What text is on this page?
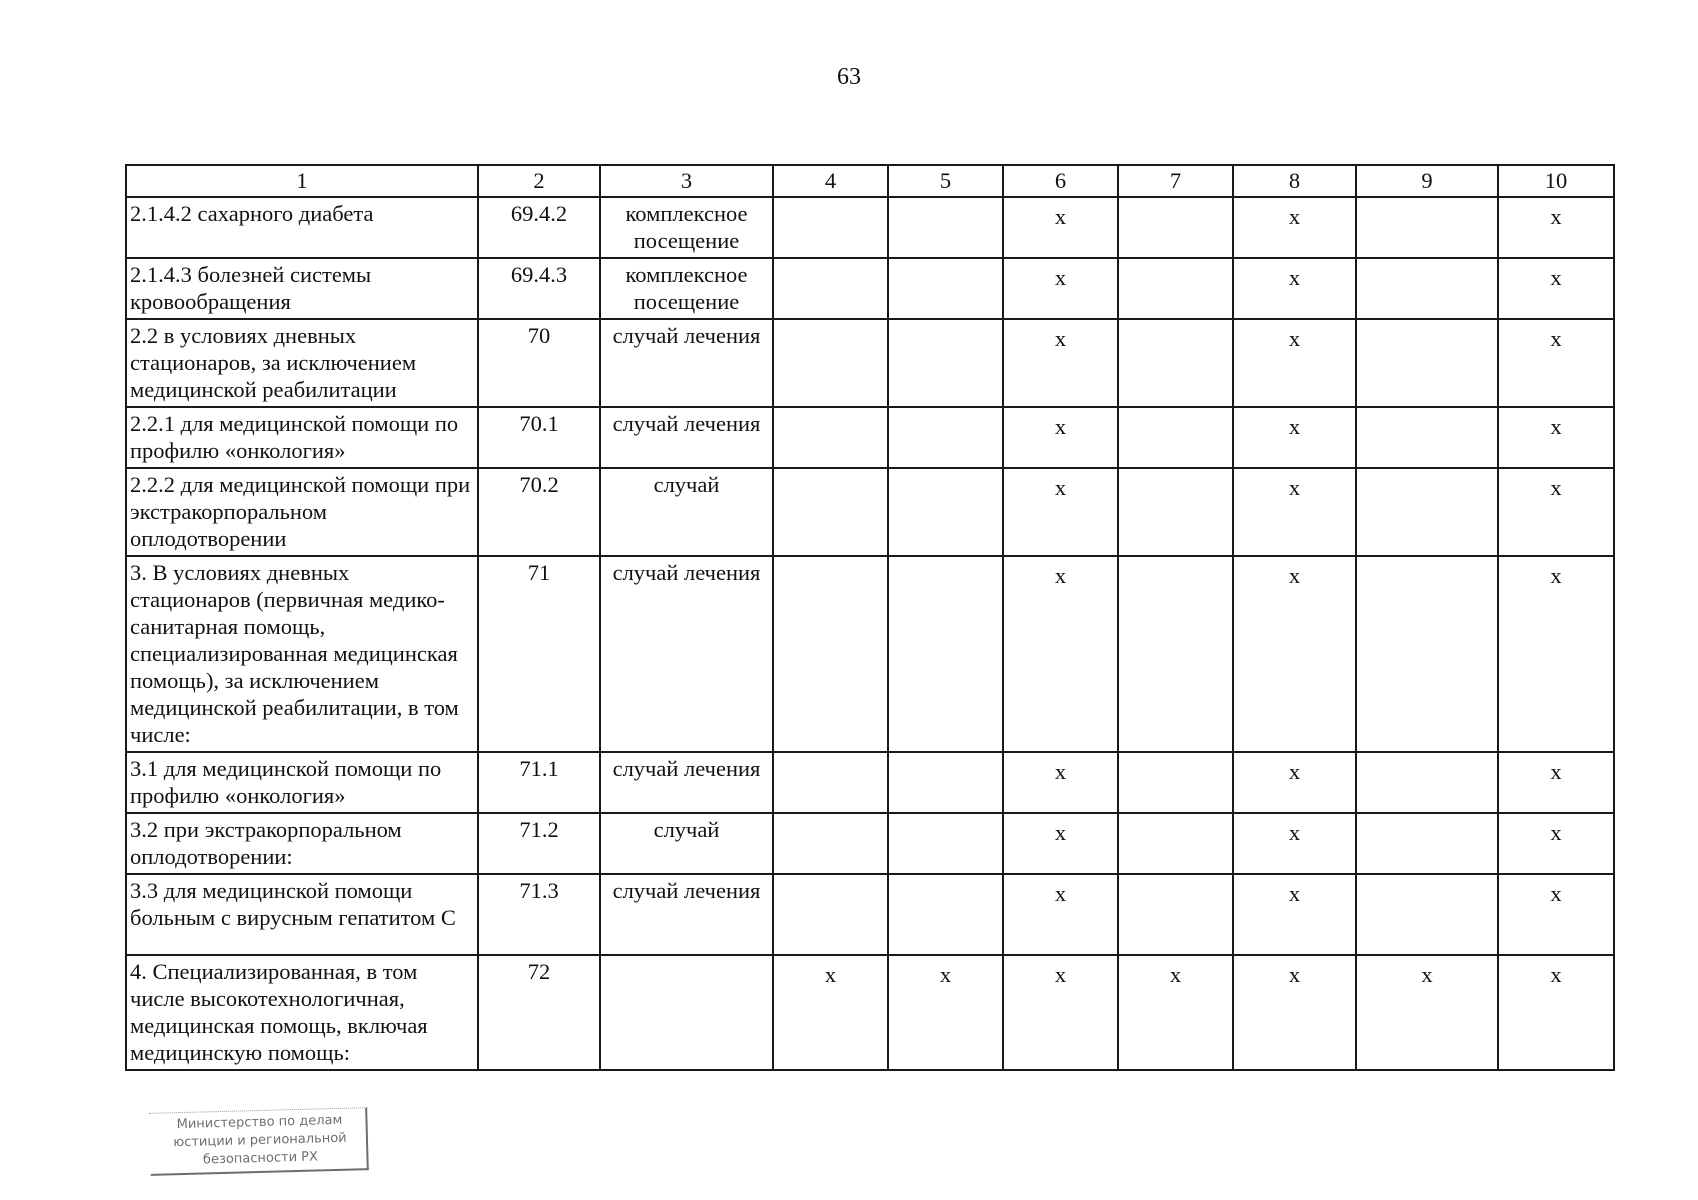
63
1	2	3	4	5	6	7	8	9	10
2.1.4.2 сахарного диабета	69.4.2	комплексное посещение			х		х		х
2.1.4.3 болезней системы кровообращения	69.4.3	комплексное посещение			х		х		х
2.2 в условиях дневных стационаров, за исключением медицинской реабилитации	70	случай лечения			х		х		х
2.2.1 для медицинской помощи по профилю «онкология»	70.1	случай лечения			х		х		х
2.2.2 для медицинской помощи при экстракорпоральном оплодотворении	70.2	случай			х		х		х
3. В условиях дневных стационаров (первичная медико-санитарная помощь, специализированная медицинская помощь), за исключением медицинской реабилитации, в том числе:	71	случай лечения			х		х		х
3.1 для медицинской помощи по профилю «онкология»	71.1	случай лечения			х		х		х
3.2 при экстракорпоральном оплодотворении:	71.2	случай			х		х		х
3.3 для медицинской помощи больным с вирусным гепатитом С	71.3	случай лечения			х		х		х
4. Специализированная, в том числе высокотехнологичная, медицинская помощь, включая медицинскую помощь:	72		х	х	х	х	х	х	х
Министерство по делам
юстиции и региональной
безопасности РХ
